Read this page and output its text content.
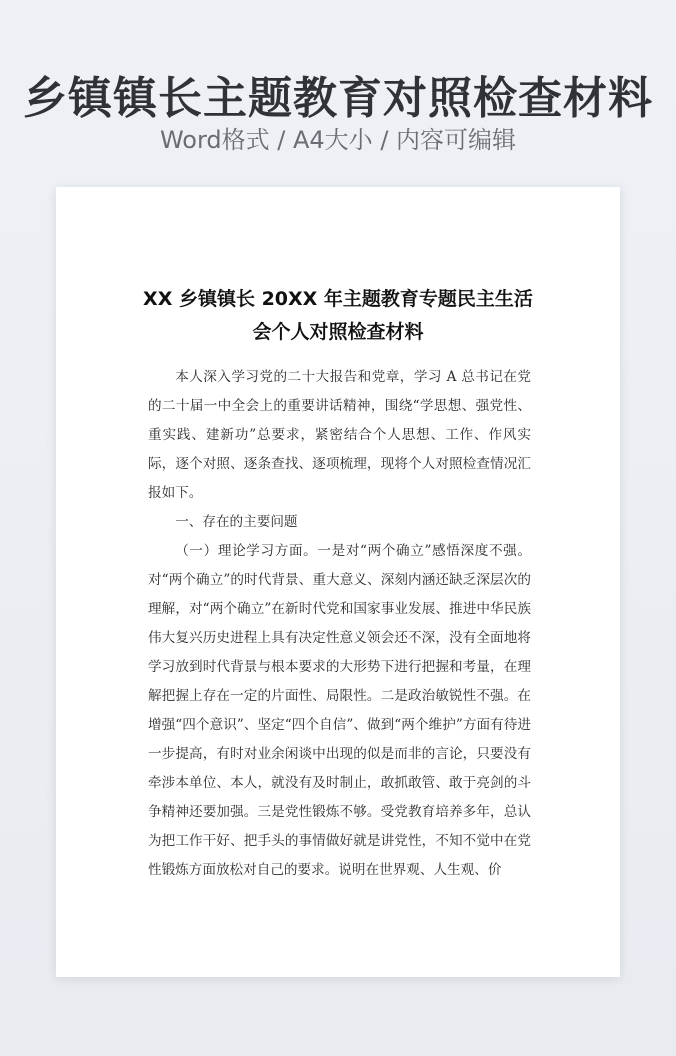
乡镇镇长主题教育对照检查材料
Word格式 / A4大小 / 内容可编辑
XX 乡镇镇长 20XX 年主题教育专题民主生活会个人对照检查材料

本人深入学习党的二十大报告和党章，学习 A 总书记在党的二十届一中全会上的重要讲话精神，围绕“学思想、强党性、重实践、建新功”总要求，紧密结合个人思想、工作、作风实际，逐个对照、逐条查找、逐项梳理，现将个人对照检查情况汇报如下。

一、存在的主要问题

（一）理论学习方面。一是对“两个确立”感悟深度不强。对“两个确立”的时代背景、重大意义、深刻内涵还缺乏深层次的理解，对“两个确立”在新时代党和国家事业发展、推进中华民族伟大复兴历史进程上具有决定性意义领会还不深，没有全面地将学习放到时代背景与根本要求的大形势下进行把握和考量，在理解把握上存在一定的片面性、局限性。二是政治敏锐性不强。在增强“四个意识”、坚定“四个自信”、做到“两个维护”方面有待进一步提高，有时对业余闲谈中出现的似是而非的言论，只要没有牵涉本单位、本人，就没有及时制止，敢抓敢管、敢于亮剑的斗争精神还要加强。三是党性锻炼不够。受党教育培养多年，总认为把工作干好、把手头的事情做好就是讲党性，不知不觉中在党性锻炼方面放松对自己的要求。说明在世界观、人生观、价
